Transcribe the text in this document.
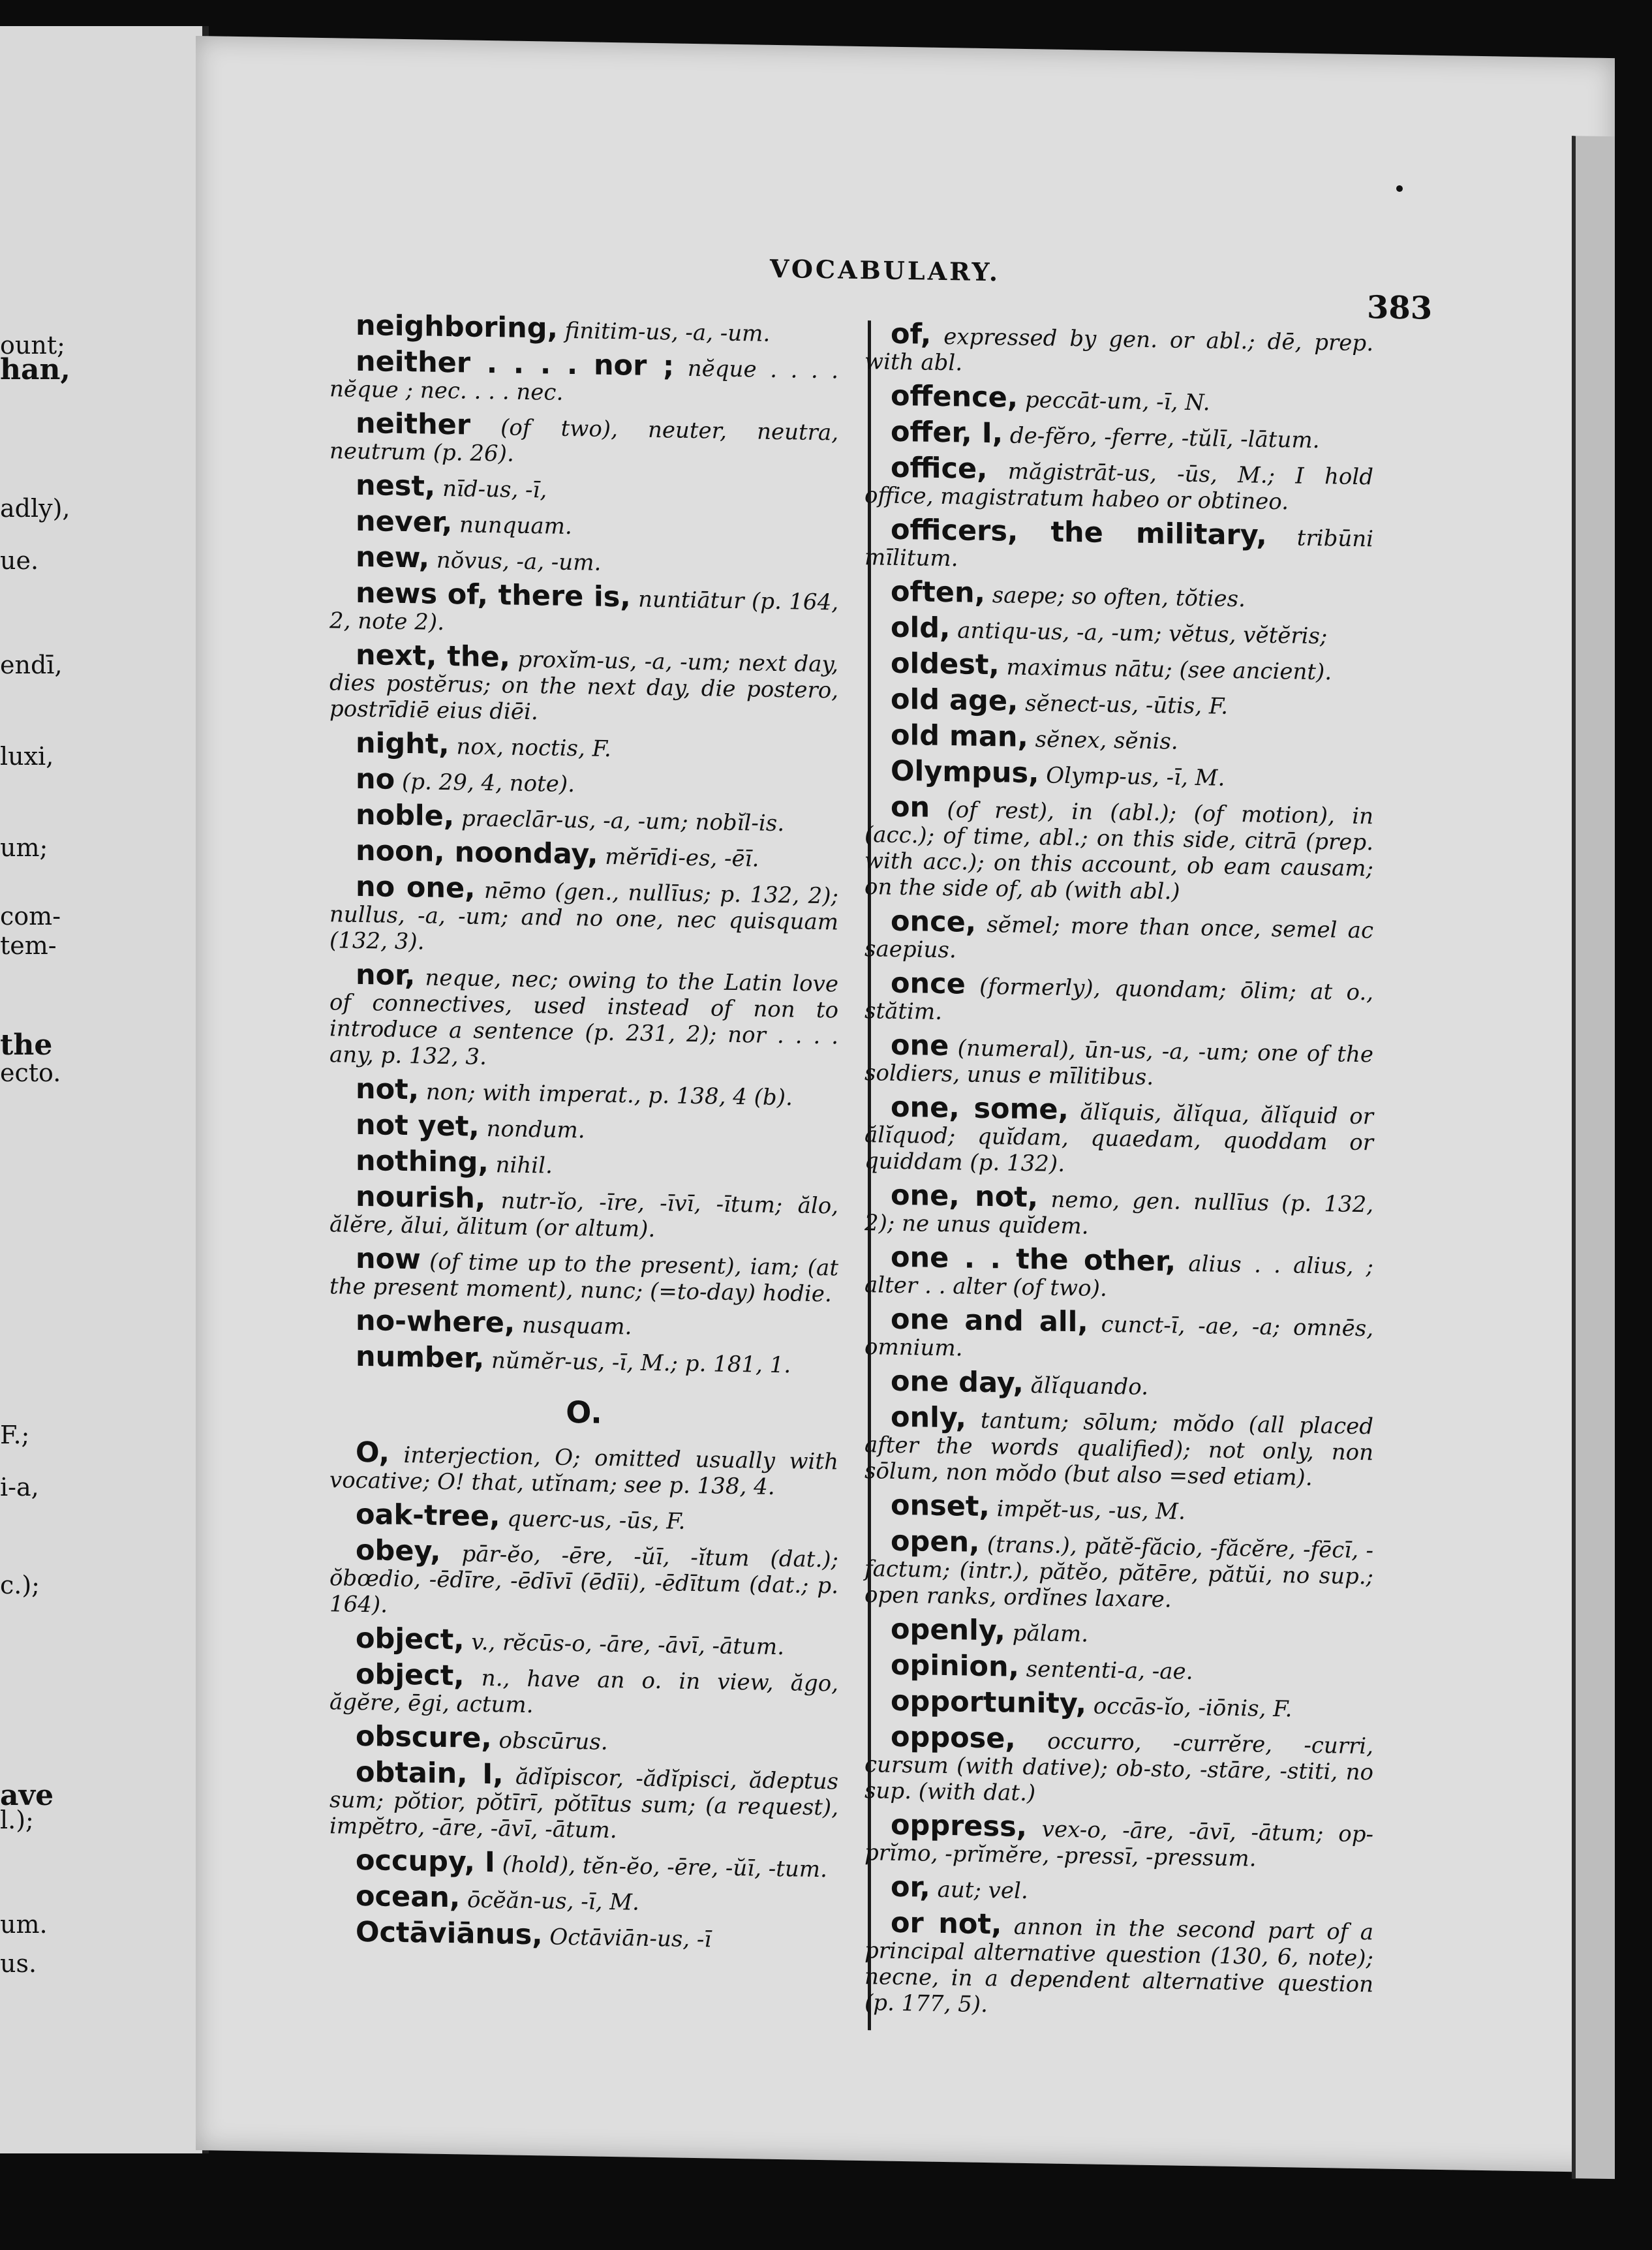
ount;
han,
adly),
ue.
endī,
luxi,
um;
com-
tem-
the
ecto.
F.;
i-a,
c.);
ave
l.);
um.
us.
VOCABULARY.
383

neighboring, finitim-us, -a, -um.

neither . . . . nor ; nĕque . . . . nĕque ; nec. . . . nec.

neither (of two), neuter, neutra, neutrum (p. 26).

nest, nīd-us, -ī,

never, nunquam.

new, nŏvus, -a, -um.

news of, there is, nuntiātur (p. 164, 2, note 2).

next, the, proxĭm-us, -a, -um; next day, dies postĕrus; on the next day, die postero, postrīdiē eius diēi.

night, nox, noctis, F.

no (p. 29, 4, note).

noble, praeclār-us, -a, -um; nobĭl-is.

noon, noonday, mĕrīdi-es, -ēī.

no one, nēmo (gen., nullīus; p. 132, 2); nullus, -a, -um; and no one, nec quisquam (132, 3).

nor, neque, nec; owing to the Latin love of connectives, used instead of non to introduce a sentence (p. 231, 2); nor . . . . any, p. 132, 3.

not, non; with imperat., p. 138, 4 (b).

not yet, nondum.

nothing, nihil.

nourish, nutr-ĭo, -īre, -īvī, -ītum; ălo, ălĕre, ălui, ălitum (or altum).

now (of time up to the present), iam; (at the present moment), nunc; (=to-day) hodie.

no-where, nusquam.

number, nŭmĕr-us, -ī, M.; p. 181, 1.

O.

O, interjection, O; omitted usually with vocative; O! that, utĭnam; see p. 138, 4.

oak-tree, querc-us, -ūs, F.

obey, pār-ĕo, -ēre, -ŭī, -ĭtum (dat.); ŏbœdio, -ēdīre, -ēdīvī (ēdīi), -ēdītum (dat.; p. 164).

object, v., rĕcūs-o, -āre, -āvī, -ātum.

object, n., have an o. in view, ăgo, ăgĕre, ēgi, actum.

obscure, obscūrus.

obtain, I, ădĭpiscor, -ădĭpisci, ădeptus sum; pŏtior, pŏtīrī, pŏtītus sum; (a request), impĕtro, -āre, -āvī, -ātum.

occupy, I (hold), tĕn-ĕo, -ēre, -ŭī, -tum.

ocean, ōcĕăn-us, -ī, M.

Octāviānus, Octāviān-us, -ī

of, expressed by gen. or abl.; dē, prep. with abl.

offence, peccāt-um, -ī, N.

offer, I, de-fĕro, -ferre, -tŭlī, -lātum.

office, măgistrāt-us, -ūs, M.; I hold office, magistratum habeo or obtineo.

officers, the military, tribūni mīlitum.

often, saepe; so often, tŏties.

old, antiqu-us, -a, -um; vĕtus, vĕtĕris;

oldest, maximus nātu; (see ancient).

old age, sĕnect-us, -ūtis, F.

old man, sĕnex, sĕnis.

Olympus, Olymp-us, -ī, M.

on (of rest), in (abl.); (of motion), in (acc.); of time, abl.; on this side, citrā (prep. with acc.); on this account, ob eam causam; on the side of, ab (with abl.)

once, sĕmel; more than once, semel ac saepius.

once (formerly), quondam; ōlim; at o., stătim.

one (numeral), ūn-us, -a, -um; one of the soldiers, unus e mīlitibus.

one, some, ălĭquis, ălĭqua, ălĭquid or ălĭquod; quĭdam, quaedam, quoddam or quiddam (p. 132).

one, not, nemo, gen. nullīus (p. 132, 2); ne unus quĭdem.

one . . the other, alius . . alius, ; alter . . alter (of two).

one and all, cunct-ī, -ae, -a; omnēs, omnium.

one day, ălĭquando.

only, tantum; sōlum; mŏdo (all placed after the words qualified); not only, non sōlum, non mŏdo (but also =sed etiam).

onset, impĕt-us, -us, M.

open, (trans.), pătĕ-făcio, -făcĕre, -fēcī, -factum; (intr.), pătĕo, pătēre, pătŭi, no sup.; open ranks, ordĭnes laxare.

openly, pălam.

opinion, sententi-a, -ae.

opportunity, occās-ĭo, -iōnis, F.

oppose, occurro, -currĕre, -curri, cursum (with dative); ob-sto, -stāre, -stiti, no sup. (with dat.)

oppress, vex-o, -āre, -āvī, -ātum; op-prĭmo, -prĭmĕre, -pressī, -pressum.

or, aut; vel.

or not, annon in the second part of a principal alternative question (130, 6, note); necne, in a dependent alternative question (p. 177, 5).
